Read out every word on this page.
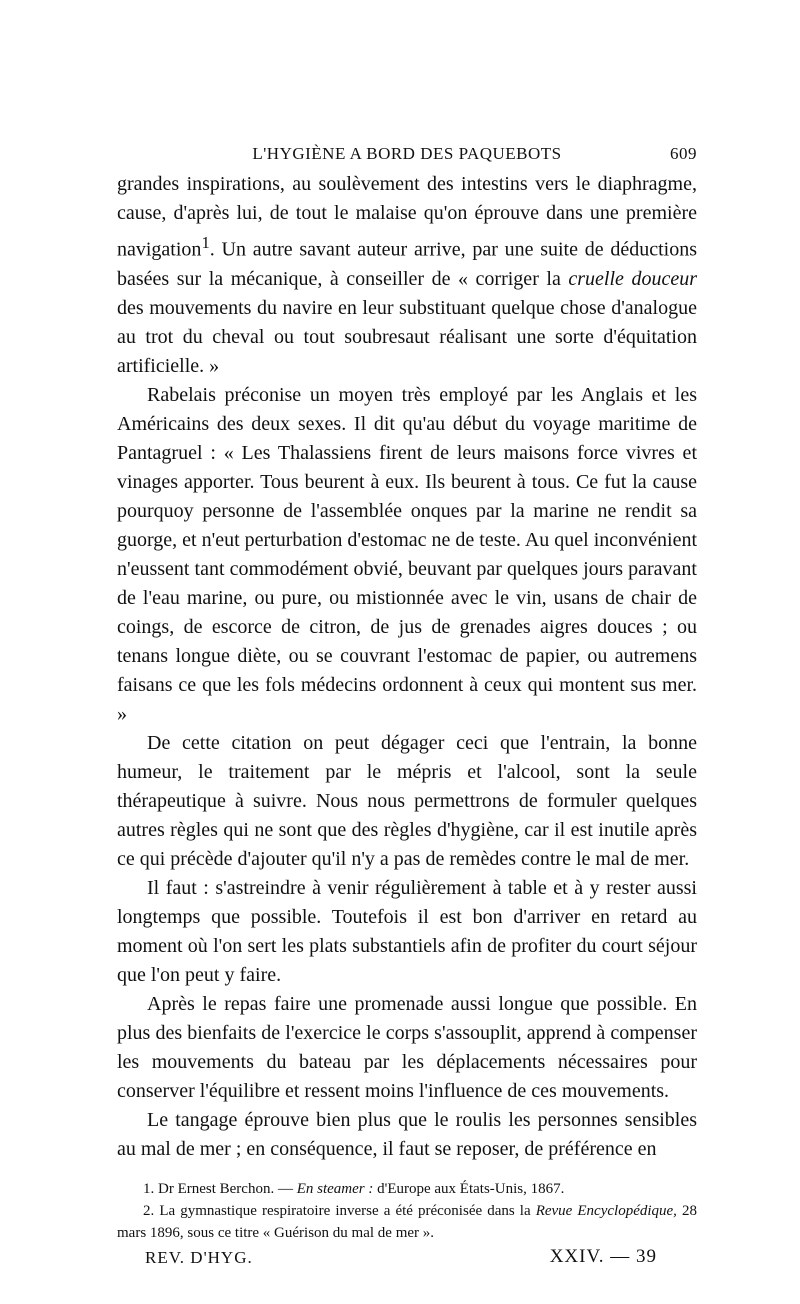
L'HYGIÈNE A BORD DES PAQUEBOTS	609

grandes inspirations, au soulèvement des intestins vers le diaphragme, cause, d'après lui, de tout le malaise qu'on éprouve dans une première navigation$^1$. Un autre savant auteur arrive, par une suite de déductions basées sur la mécanique, à conseiller de « corriger la cruelle douceur des mouvements du navire en leur substituant quelque chose d'analogue au trot du cheval ou tout soubresaut réalisant une sorte d'équitation artificielle. »

Rabelais préconise un moyen très employé par les Anglais et les Américains des deux sexes. Il dit qu'au début du voyage maritime de Pantagruel : « Les Thalassiens firent de leurs maisons force vivres et vinages apporter. Tous beurent à eux. Ils beurent à tous. Ce fut la cause pourquoy personne de l'assemblée onques par la marine ne rendit sa guorge, et n'eut perturbation d'estomac ne de teste. Au quel inconvénient n'eussent tant commodément obvié, beuvant par quelques jours paravant de l'eau marine, ou pure, ou mistionnée avec le vin, usans de chair de coings, de escorce de citron, de jus de grenades aigres douces ; ou tenans longue diète, ou se couvrant l'estomac de papier, ou autremens faisans ce que les fols médecins ordonnent à ceux qui montent sus mer. »

De cette citation on peut dégager ceci que l'entrain, la bonne humeur, le traitement par le mépris et l'alcool, sont la seule thérapeutique à suivre. Nous nous permettrons de formuler quelques autres règles qui ne sont que des règles d'hygiène, car il est inutile après ce qui précède d'ajouter qu'il n'y a pas de remèdes contre le mal de mer.

Il faut : s'astreindre à venir régulièrement à table et à y rester aussi longtemps que possible. Toutefois il est bon d'arriver en retard au moment où l'on sert les plats substantiels afin de profiter du court séjour que l'on peut y faire.

Après le repas faire une promenade aussi longue que possible. En plus des bienfaits de l'exercice le corps s'assouplit, apprend à compenser les mouvements du bateau par les déplacements nécessaires pour conserver l'équilibre et ressent moins l'influence de ces mouvements.

Le tangage éprouve bien plus que le roulis les personnes sensibles au mal de mer ; en conséquence, il faut se reposer, de préférence en

1. Dr Ernest Berchon. — En steamer : d'Europe aux États-Unis, 1867.

2. La gymnastique respiratoire inverse a été préconisée dans la Revue Encyclopédique, 28 mars 1896, sous ce titre « Guérison du mal de mer ».

REV. D'HYG.	XXIV. — 39
